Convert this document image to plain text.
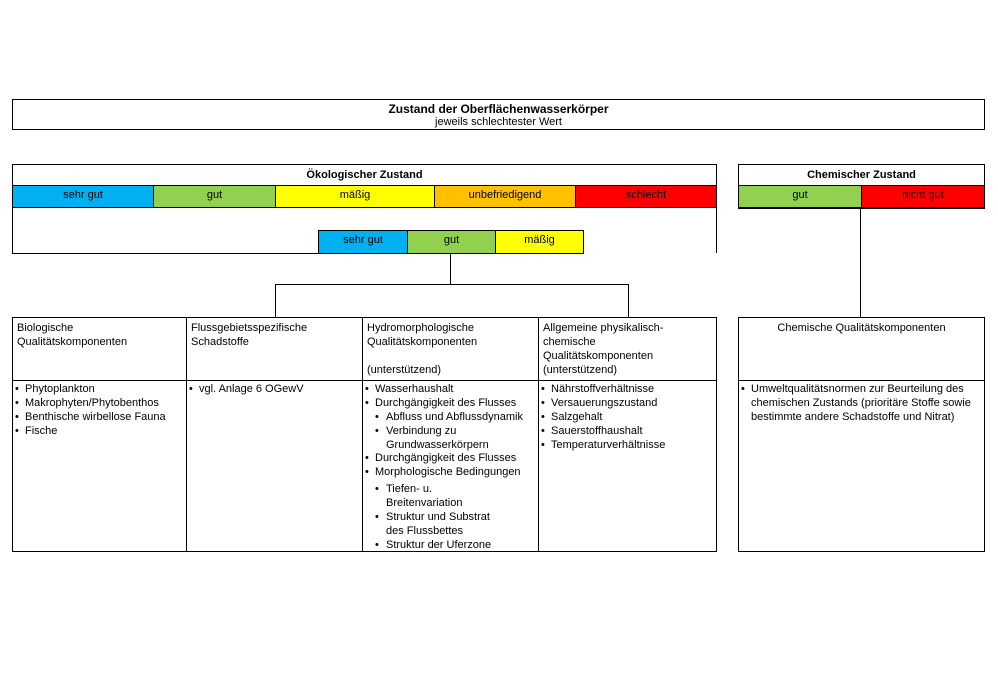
Zustand der Oberflächenwasserkörper
jeweils schlechtester Wert
Ökologischer Zustand
sehr gut	gut	mäßig	unbefriedigend	schlecht
sehr gut	gut	mäßig
Chemischer Zustand
gut	nicht gut
Biologische
Qualitätskomponenten
• Phytoplankton
• Makrophyten/Phytobenthos
• Benthische wirbellose Fauna
• Fische
Flussgebietsspezifische
Schadstoffe
• vgl. Anlage 6 OGewV
Hydromorphologische
Qualitätskomponenten

(unterstützend)
• Wasserhaushalt
• Durchgängigkeit des Flusses
• Abfluss und Abflussdynamik
• Verbindung zu Grundwasserkörpern
• Durchgängigkeit des Flusses
• Morphologische Bedingungen
• Tiefen- u. Breitenvariation
• Struktur und Substrat des Flussbettes
• Struktur der Uferzone
Allgemeine physikalisch-
chemische
Qualitätskomponenten
(unterstützend)
• Nährstoffverhältnisse
• Versauerungszustand
• Salzgehalt
• Sauerstoffhaushalt
• Temperaturverhältnisse
Chemische Qualitätskomponenten
• Umweltqualitätsnormen zur Beurteilung des chemischen Zustands (prioritäre Stoffe sowie bestimmte andere Schadstoffe und Nitrat)
